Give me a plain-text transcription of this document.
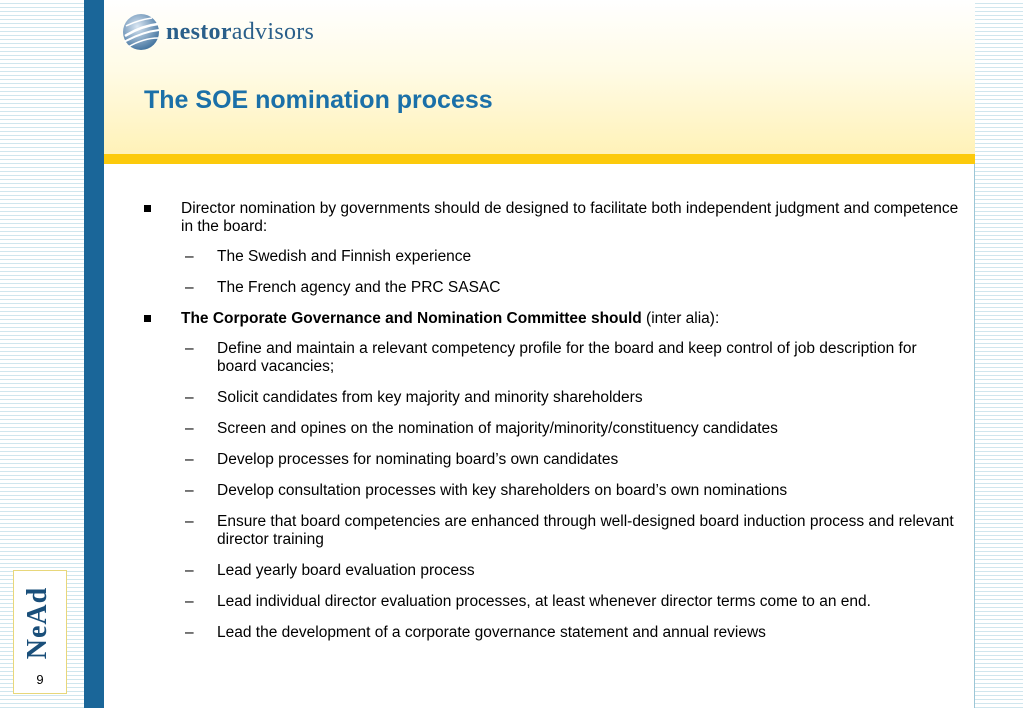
nestoradvisors
The SOE nomination process
Director nomination by governments should de designed to facilitate both independent judgment and competence in the board:
– The Swedish and Finnish experience
– The French agency and the PRC SASAC
The Corporate Governance and Nomination Committee should (inter alia):
– Define and maintain a relevant competency profile for the board and keep control of job description for board vacancies;
– Solicit candidates from key majority and minority shareholders
– Screen and opines on the nomination of majority/minority/constituency candidates
– Develop processes for nominating board’s own candidates
– Develop consultation processes with key shareholders on board’s own nominations
– Ensure that board competencies are enhanced through well-designed board induction process and relevant director training
– Lead yearly board evaluation process
– Lead individual director evaluation processes, at least whenever director terms come to an end.
– Lead the development of a corporate governance statement and annual reviews
NeAd
9
